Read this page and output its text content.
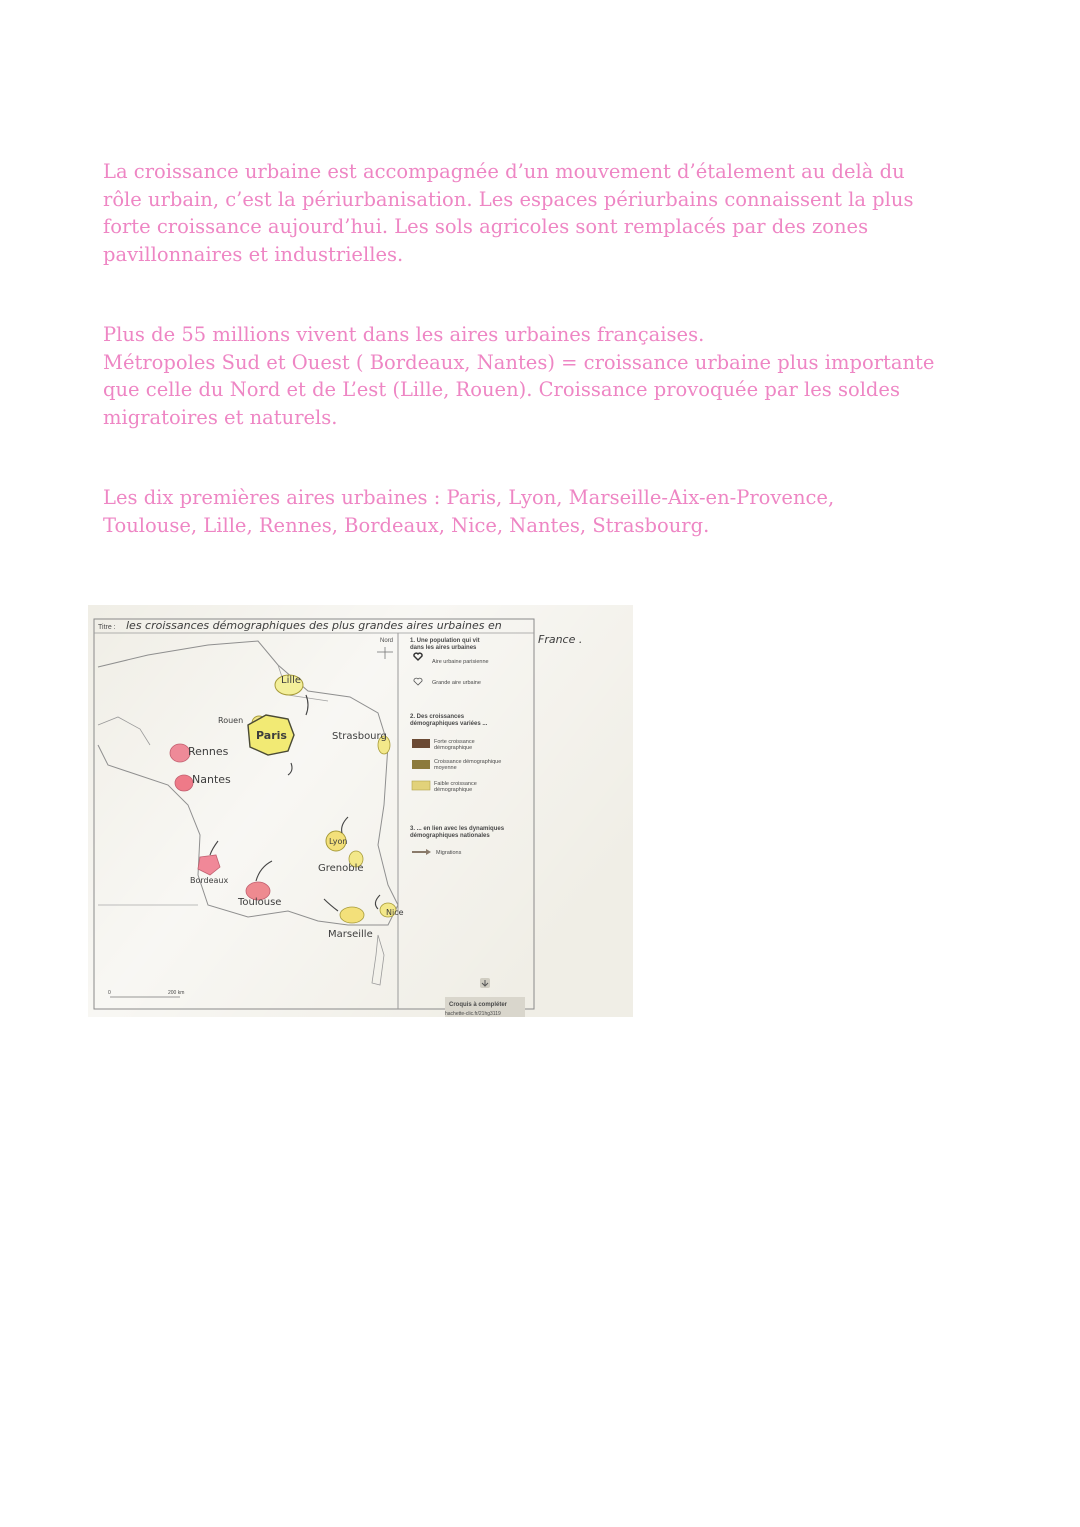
La croissance urbaine est accompagnée d’un mouvement d’étalement au delà du
rôle urbain, c’est la périurbanisation. Les espaces périurbains connaissent la plus
forte croissance aujourd’hui. Les sols agricoles sont remplacés par des zones
pavillonnaires et industrielles.

Plus de 55 millions vivent dans les aires urbaines françaises.
Métropoles Sud et Ouest ( Bordeaux, Nantes) = croissance urbaine plus importante
que celle du Nord et de L’est (Lille, Rouen). Croissance provoquée par les soldes
migratoires et naturels.

Les dix premières aires urbaines : Paris, Lyon, Marseille-Aix-en-Provence,
Toulouse, Lille, Rennes, Bordeaux, Nice, Nantes, Strasbourg.

Titre : les croissances démographiques des plus grandes aires urbaines en
France .
Nord
Lille
Rouen
Paris	Strasbourg
Rennes
Nantes
Lyon
Grenoble
Bordeaux
Toulouse
Nice
Marseille
0	200 km
1. Une population qui vit
dans les aires urbaines
Aire urbaine parisienne
Grande aire urbaine
2. Des croissances
démographiques variées ...
Forte croissance
démographique
Croissance démographique
moyenne
Faible croissance
démographique
3. ... en lien avec les dynamiques
démographiques nationales
Migrations
Croquis à compléter
hachette-clic.fr/21hg3119
